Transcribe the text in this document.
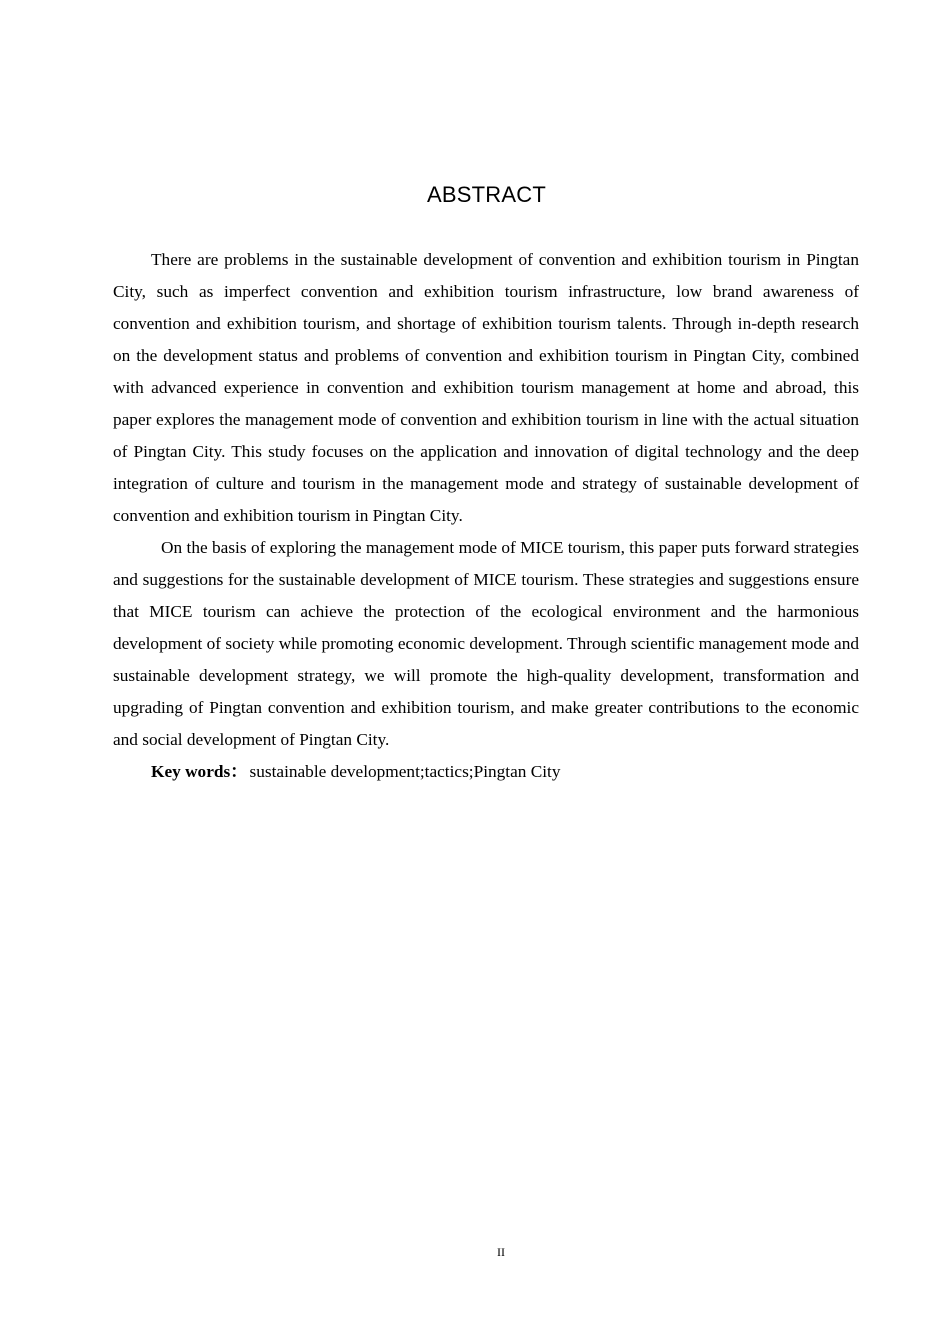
ABSTRACT

There are problems in the sustainable development of convention and exhibition tourism in Pingtan City, such as imperfect convention and exhibition tourism infrastructure, low brand awareness of convention and exhibition tourism, and shortage of exhibition tourism talents. Through in-depth research on the development status and problems of convention and exhibition tourism in Pingtan City, combined with advanced experience in convention and exhibition tourism management at home and abroad, this paper explores the management mode of convention and exhibition tourism in line with the actual situation of Pingtan City. This study focuses on the application and innovation of digital technology and the deep integration of culture and tourism in the management mode and strategy of sustainable development of convention and exhibition tourism in Pingtan City.

On the basis of exploring the management mode of MICE tourism, this paper puts forward strategies and suggestions for the sustainable development of MICE tourism. These strategies and suggestions ensure that MICE tourism can achieve the protection of the ecological environment and the harmonious development of society while promoting economic development. Through scientific management mode and sustainable development strategy, we will promote the high-quality development, transformation and upgrading of Pingtan convention and exhibition tourism, and make greater contributions to the economic and social development of Pingtan City.

Key words： sustainable development;tactics;Pingtan City

II
